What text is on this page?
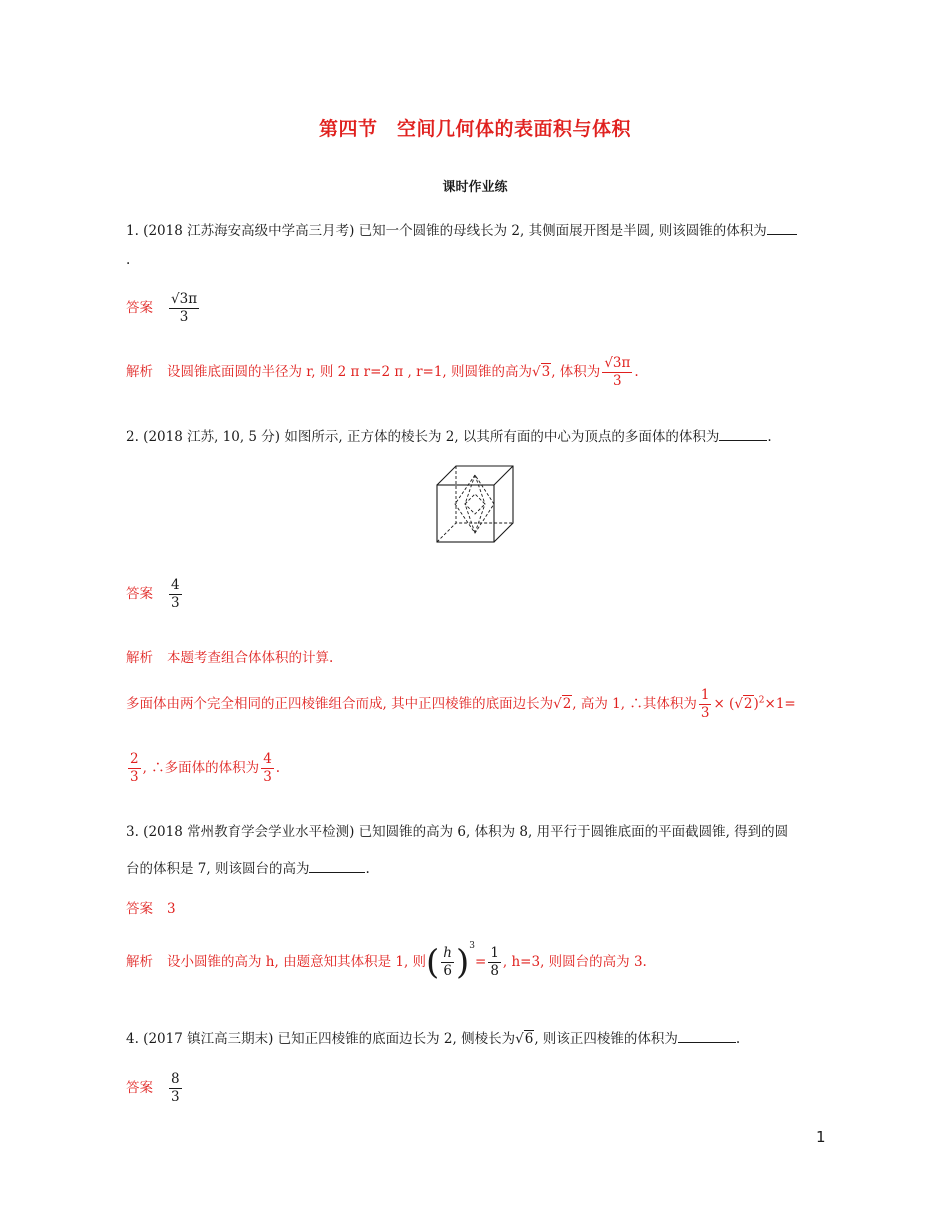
第四节　空间几何体的表面积与体积
课时作业练
1. (2018 江苏海安高级中学高三月考) 已知一个圆锥的母线长为 2, 其侧面展开图是半圆, 则该圆锥的体积为
.
答案 $\frac{√3\pi}{3}$
解析 设圆锥底面圆的半径为 r, 则 2 π r=2 π , r=1, 则圆锥的高为√3, 体积为 $\frac{√3\pi}{3}$ .
2. (2018 江苏, 10, 5 分) 如图所示, 正方体的棱长为 2, 以其所有面的中心为顶点的多面体的体积为	.
答案 $\frac{4}{3}$
解析 本题考查组合体体积的计算.
多面体由两个完全相同的正四棱锥组合而成, 其中正四棱锥的底面边长为√2, 高为 1, ∴其体积为 $\frac{1}{3} \times (√2)^2\times 1=$
$\frac{2}{3}$ , ∴多面体的体积为 $\frac{4}{3}$ .
3. (2018 常州教育学会学业水平检测) 已知圆锥的高为 6, 体积为 8, 用平行于圆锥底面的平面截圆锥, 得到的圆
台的体积是 7, 则该圆台的高为	.
答案 3
解析 设小圆锥的高为 h, 由题意知其体积是 1, 则( $\frac{h}{6} )^3= \frac{1}{8}$ , h=3, 则圆台的高为 3.
4. (2017 镇江高三期末) 已知正四棱锥的底面边长为 2, 侧棱长为√6, 则该正四棱锥的体积为	.
答案 $\frac{8}{3}$
1
